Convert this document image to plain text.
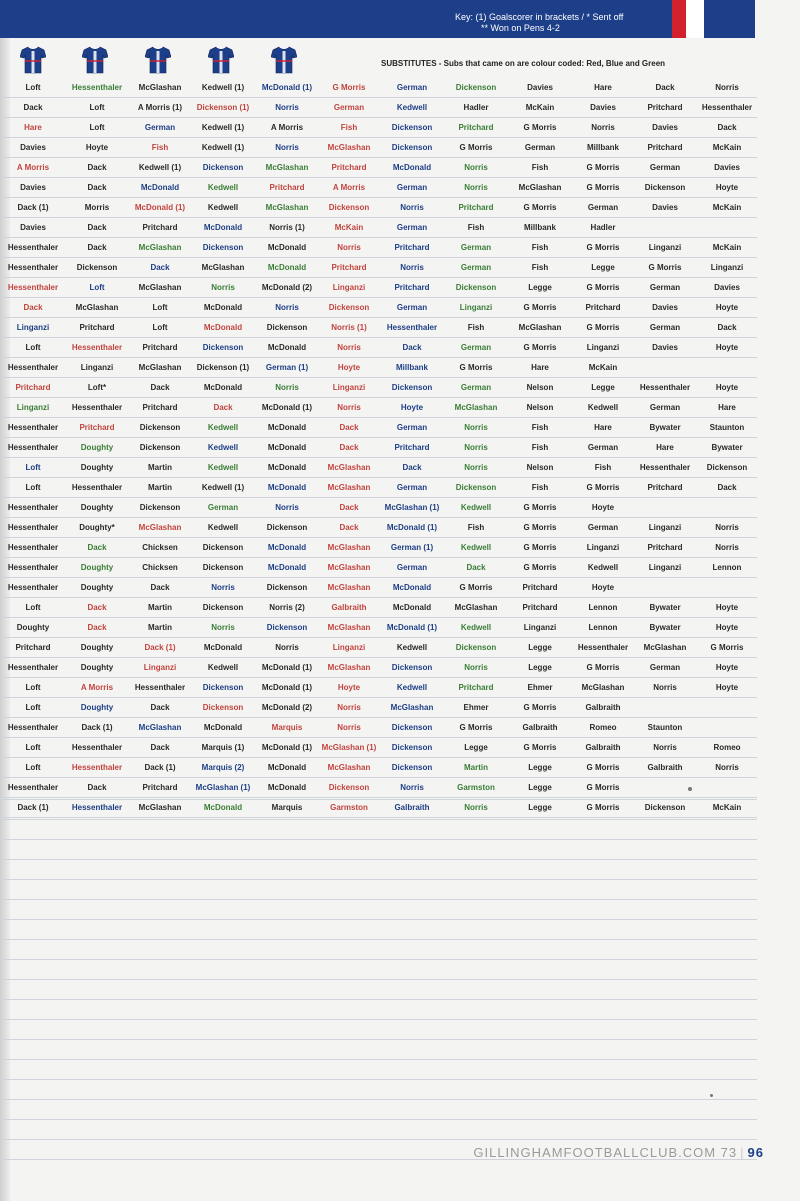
Key: (1) Goalscorer in brackets / * Sent off
** Won on Pens 4-2
SUBSTITUTES - Subs that came on are colour coded: Red, Blue and Green
Loft	Hessenthaler	McGlashan	Kedwell (1)	McDonald (1)	G Morris	German	Dickenson	Davies	Hare	Dack	Norris
Dack	Loft	A Morris (1)	Dickenson (1)	Norris	German	Kedwell	Hadler	McKain	Davies	Pritchard	Hessenthaler
Hare	Loft	German	Kedwell (1)	A Morris	Fish	Dickenson	Pritchard	G Morris	Norris	Davies	Dack
Davies	Hoyte	Fish	Kedwell (1)	Norris	McGlashan	Dickenson	G Morris	German	Millbank	Pritchard	McKain
A Morris	Dack	Kedwell (1)	Dickenson	McGlashan	Pritchard	McDonald	Norris	Fish	G Morris	German	Davies
Davies	Dack	McDonald	Kedwell	Pritchard	A Morris	German	Norris	McGlashan	G Morris	Dickenson	Hoyte
Dack (1)	Morris	McDonald (1)	Kedwell	McGlashan	Dickenson	Norris	Pritchard	G Morris	German	Davies	McKain
Davies	Dack	Pritchard	McDonald	Norris (1)	McKain	German	Fish	Millbank	Hadler
Hessenthaler	Dack	McGlashan	Dickenson	McDonald	Norris	Pritchard	German	Fish	G Morris	Linganzi	McKain
Hessenthaler	Dickenson	Dack	McGlashan	McDonald	Pritchard	Norris	German	Fish	Legge	G Morris	Linganzi
Hessenthaler	Loft	McGlashan	Norris	McDonald (2)	Linganzi	Pritchard	Dickenson	Legge	G Morris	German	Davies
Dack	McGlashan	Loft	McDonald	Norris	Dickenson	German	Linganzi	G Morris	Pritchard	Davies	Hoyte
Linganzi	Pritchard	Loft	McDonald	Dickenson	Norris (1)	Hessenthaler	Fish	McGlashan	G Morris	German	Dack
Loft	Hessenthaler	Pritchard	Dickenson	McDonald	Norris	Dack	German	G Morris	Linganzi	Davies	Hoyte
Hessenthaler	Linganzi	McGlashan	Dickenson (1)	German (1)	Hoyte	Millbank	G Morris	Hare	McKain
Pritchard	Loft*	Dack	McDonald	Norris	Linganzi	Dickenson	German	Nelson	Legge	Hessenthaler	Hoyte
Linganzi	Hessenthaler	Pritchard	Dack	McDonald (1)	Norris	Hoyte	McGlashan	Nelson	Kedwell	German	Hare
Hessenthaler	Pritchard	Dickenson	Kedwell	McDonald	Dack	German	Norris	Fish	Hare	Bywater	Staunton
Hessenthaler	Doughty	Dickenson	Kedwell	McDonald	Dack	Pritchard	Norris	Fish	German	Hare	Bywater
Loft	Doughty	Martin	Kedwell	McDonald	McGlashan	Dack	Norris	Nelson	Fish	Hessenthaler	Dickenson
Loft	Hessenthaler	Martin	Kedwell (1)	McDonald	McGlashan	German	Dickenson	Fish	G Morris	Pritchard	Dack
Hessenthaler	Doughty	Dickenson	German	Norris	Dack	McGlashan (1)	Kedwell	G Morris	Hoyte
Hessenthaler	Doughty*	McGlashan	Kedwell	Dickenson	Dack	McDonald (1)	Fish	G Morris	German	Linganzi	Norris
Hessenthaler	Dack	Chicksen	Dickenson	McDonald	McGlashan	German (1)	Kedwell	G Morris	Linganzi	Pritchard	Norris
Hessenthaler	Doughty	Chicksen	Dickenson	McDonald	McGlashan	German	Dack	G Morris	Kedwell	Linganzi	Lennon
Hessenthaler	Doughty	Dack	Norris	Dickenson	McGlashan	McDonald	G Morris	Pritchard	Hoyte
Loft	Dack	Martin	Dickenson	Norris (2)	Galbraith	McDonald	McGlashan	Pritchard	Lennon	Bywater	Hoyte
Doughty	Dack	Martin	Norris	Dickenson	McGlashan	McDonald (1)	Kedwell	Linganzi	Lennon	Bywater	Hoyte
Pritchard	Doughty	Dack (1)	McDonald	Norris	Linganzi	Kedwell	Dickenson	Legge	Hessenthaler	McGlashan	G Morris
Hessenthaler	Doughty	Linganzi	Kedwell	McDonald (1)	McGlashan	Dickenson	Norris	Legge	G Morris	German	Hoyte
Loft	A Morris	Hessenthaler	Dickenson	McDonald (1)	Hoyte	Kedwell	Pritchard	Ehmer	McGlashan	Norris	Hoyte
Loft	Doughty	Dack	Dickenson	McDonald (2)	Norris	McGlashan	Ehmer	G Morris	Galbraith
Hessenthaler	Dack (1)	McGlashan	McDonald	Marquis	Norris	Dickenson	G Morris	Galbraith	Romeo	Staunton
Loft	Hessenthaler	Dack	Marquis (1)	McDonald (1)	McGlashan (1)	Dickenson	Legge	G Morris	Galbraith	Norris	Romeo
Loft	Hessenthaler	Dack (1)	Marquis (2)	McDonald	McGlashan	Dickenson	Martin	Legge	G Morris	Galbraith	Norris
Hessenthaler	Dack	Pritchard	McGlashan (1)	McDonald	Dickenson	Norris	Garmston	Legge	G Morris
Dack (1)	Hessenthaler	McGlashan	McDonald	Marquis	Garmston	Galbraith	Norris	Legge	G Morris	Dickenson	McKain
GILLINGHAMFOOTBALLCLUB.COM 73 | 96
